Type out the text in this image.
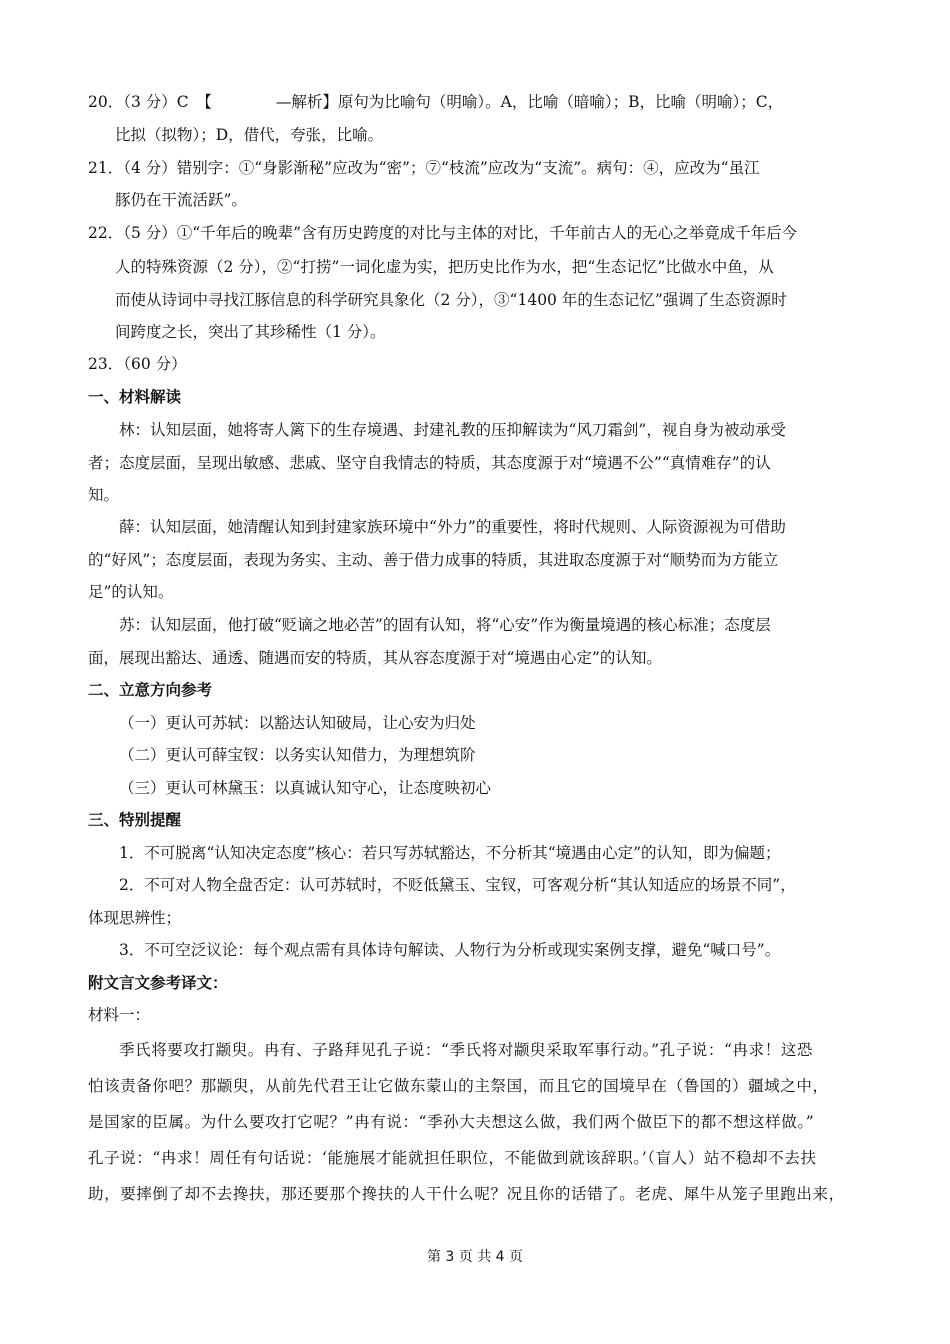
20．（3 分）C　【	—解析】原句为比喻句（明喻）。A，比喻（暗喻）；B，比喻（明喻）；C，
比拟（拟物）；D，借代，夸张，比喻。
21．（4 分）错别字：①“身影渐秘”应改为“密”；⑦“枝流”应改为“支流”。病句：④，应改为“虽江
豚仍在干流活跃”。
22．（5 分）①“千年后的晚辈”含有历史跨度的对比与主体的对比，千年前古人的无心之举竟成千年后今
人的特殊资源（2 分），②“打捞”一词化虚为实，把历史比作为水，把“生态记忆”比做水中鱼，从
而使从诗词中寻找江豚信息的科学研究具象化（2 分），③“1400 年的生态记忆”强调了生态资源时
间跨度之长，突出了其珍稀性（1 分）。
23．（60 分）
一、材料解读
林：认知层面，她将寄人篱下的生存境遇、封建礼教的压抑解读为“风刀霜剑”，视自身为被动承受
者；态度层面，呈现出敏感、悲戚、坚守自我情志的特质，其态度源于对“境遇不公”“真情难存”的认
知。
薛：认知层面，她清醒认知到封建家族环境中“外力”的重要性，将时代规则、人际资源视为可借助
的“好风”；态度层面，表现为务实、主动、善于借力成事的特质，其进取态度源于对“顺势而为方能立
足”的认知。
苏：认知层面，他打破“贬谪之地必苦”的固有认知，将“心安”作为衡量境遇的核心标准；态度层
面，展现出豁达、通透、随遇而安的特质，其从容态度源于对“境遇由心定”的认知。
二、立意方向参考
（一）更认可苏轼：以豁达认知破局，让心安为归处
（二）更认可薛宝钗：以务实认知借力，为理想筑阶
（三）更认可林黛玉：以真诚认知守心，让态度映初心
三、特别提醒
1．不可脱离“认知决定态度”核心：若只写苏轼豁达，不分析其“境遇由心定”的认知，即为偏题；
2．不可对人物全盘否定：认可苏轼时，不贬低黛玉、宝钗，可客观分析“其认知适应的场景不同”，
体现思辨性；
3．不可空泛议论：每个观点需有具体诗句解读、人物行为分析或现实案例支撑，避免“喊口号”。
附文言文参考译文：
材料一：
季氏将要攻打颛臾。冉有、子路拜见孔子说：“季氏将对颛臾采取军事行动。”孔子说：“冉求！这恐
怕该责备你吧？那颛臾，从前先代君王让它做东蒙山的主祭国，而且它的国境早在（鲁国的）疆域之中，
是国家的臣属。为什么要攻打它呢？”冉有说：“季孙大夫想这么做，我们两个做臣下的都不想这样做。”
孔子说：“冉求！周任有句话说：‘能施展才能就担任职位，不能做到就该辞职。’（盲人）站不稳却不去扶
助，要摔倒了却不去搀扶，那还要那个搀扶的人干什么呢？况且你的话错了。老虎、犀牛从笼子里跑出来，
第 3 页 共 4 页
